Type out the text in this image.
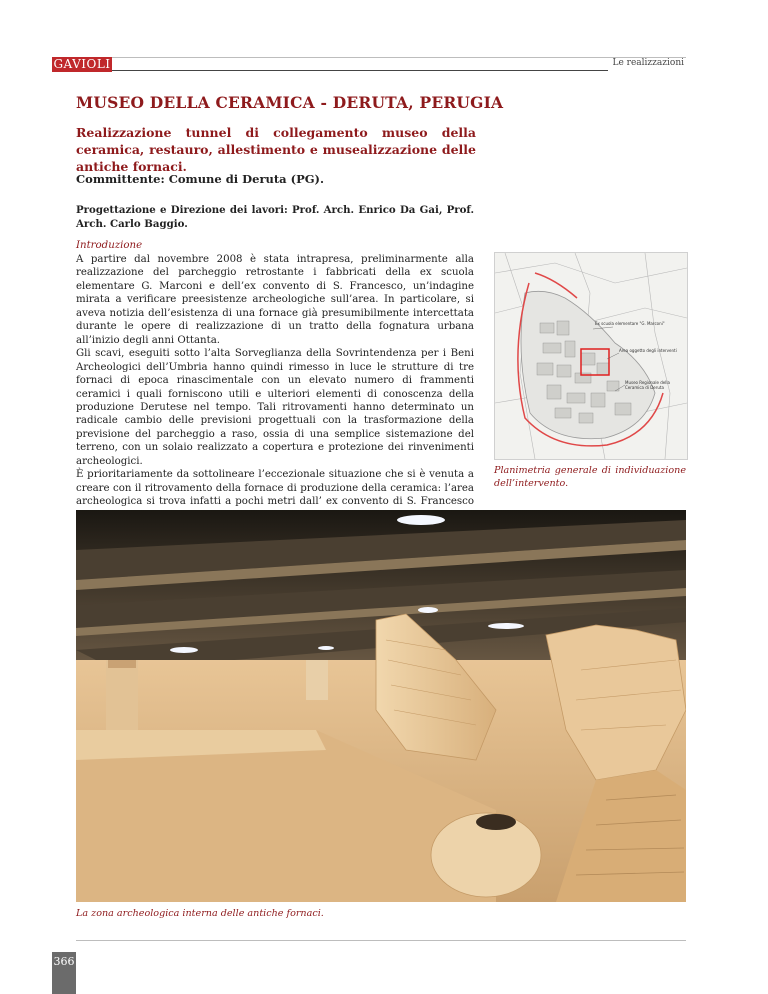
GAVIOLI	Le realizzazioni
MUSEO DELLA CERAMICA - DERUTA, PERUGIA
Realizzazione tunnel di collegamento museo della ceramica, restauro, allestimento e musealizzazione delle antiche fornaci.
Committente: Comune di Deruta (PG).
Progettazione e Direzione dei lavori: Prof. Arch. Enrico Da Gai, Prof. Arch. Carlo Baggio.
Introduzione

A partire dal novembre 2008 è stata intrapresa, preliminarmente alla realizzazione del parcheggio retrostante i fabbricati della ex scuola elementare G. Marconi e dell’ex convento di S. Francesco, un’indagine mirata a verificare preesistenze archeologiche sull’area. In particolare, si aveva notizia dell’esistenza di una fornace già presumibilmente intercettata durante le opere di realizzazione di un tratto della fognatura urbana all’inizio degli anni Ottanta.

Gli scavi, eseguiti sotto l’alta Sorveglianza della Sovrintendenza per i Beni Archeologici dell’Umbria hanno quindi rimesso in luce le strutture di tre fornaci di epoca rinascimentale con un elevato numero di frammenti ceramici i quali forniscono utili e ulteriori elementi di conoscenza della produzione Derutese nel tempo. Tali ritrovamenti hanno determinato un radicale cambio delle previsioni progettuali con la trasformazione della previsione del parcheggio a raso, ossia di una semplice sistemazione del terreno, con un solaio realizzato a copertura e protezione dei rinvenimenti archeologici.

È prioritariamente da sottolineare l’eccezionale situazione che si è venuta a creare con il ritrovamento della fornace di produzione della ceramica: l’area archeologica si trova infatti a pochi metri dall’ ex convento di S. Francesco

Ex scuola elementare "G. Marconi"
Area oggetto degli interventi
Museo Regionale della Ceramica di Deruta
Planimetria generale di individuazione dell’intervento.
La zona archeologica interna delle antiche fornaci.
366
